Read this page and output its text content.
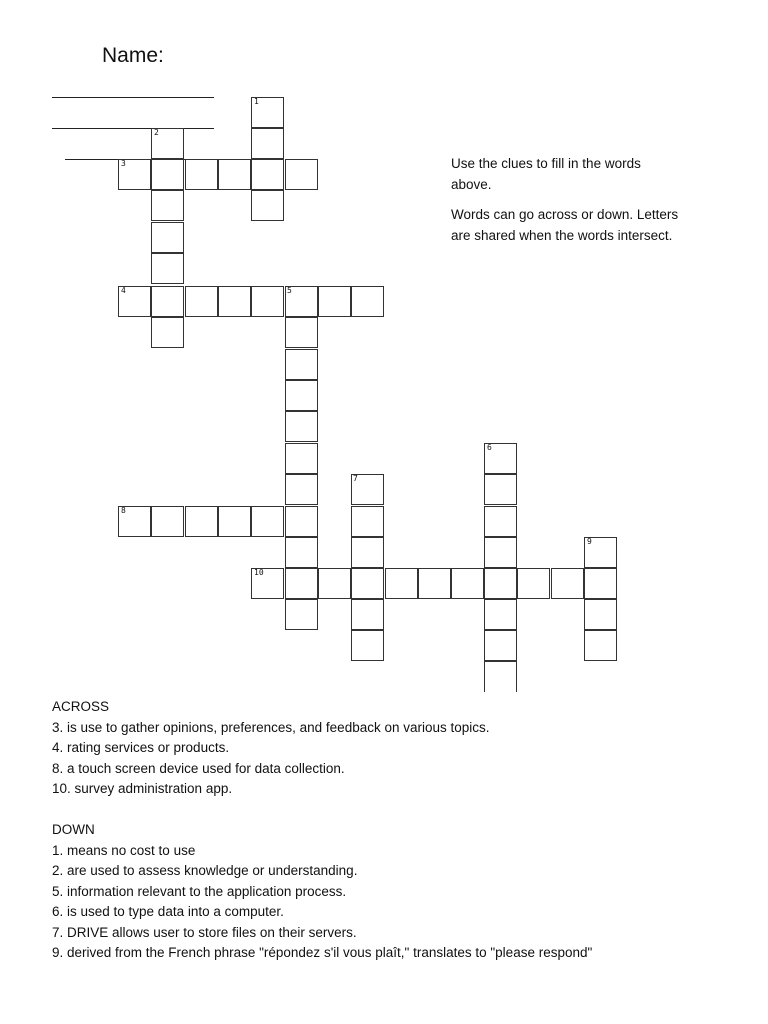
Name:
1
2
3
4	5
6
7
8
9
10

Use the clues to fill in the words above.

Words can go across or down. Letters are shared when the words intersect.

ACROSS

3. is use to gather opinions, preferences, and feedback on various topics.

4. rating services or products.

8. a touch screen device used for data collection.

10. survey administration app.

DOWN

1. means no cost to use

2. are used to assess knowledge or understanding.

5. information relevant to the application process.

6. is used to type data into a computer.

7. DRIVE allows user to store files on their servers.

9. derived from the French phrase "répondez s'il vous plaît," translates to "please respond"
